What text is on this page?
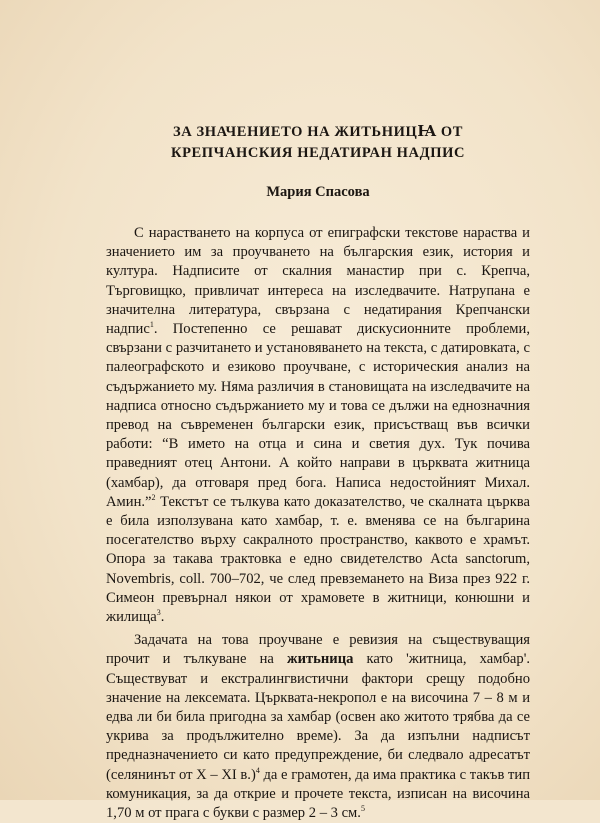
ЗА ЗНАЧЕНИЕТО НА ЖИТЬНИЦꙖ ОТ
КРЕПЧАНСКИЯ НЕДАТИРАН НАДПИС
Мария Спасова

С нарастването на корпуса от епиграфски текстове нараства и значението им за проучването на българския език, история и култура. Надписите от скалния манастир при с. Крепча, Търговищко, привличат интереса на изследвачите. Натрупана е значителна литература, свързана с недатирания Крепчански надпис$^1$. Постепенно се решават дискусионните проблеми, свързани с разчитането и установяването на текста, с датировката, с палеографското и езиково проучване, с историческия анализ на съдържанието му. Няма различия в становищата на изследвачите на надписа относно съдържанието му и това се дължи на еднозначния превод на съвременен български език, присъстващ във всички работи: “В името на отца и сина и светия дух. Тук почива праведният отец Антони. А който направи в църквата житница (хамбар), да отговаря пред бога. Написа недостойният Михал. Амин.”$^2$ Текстът се тълкува като доказателство, че скалната църква е била използувана като хамбар, т. е. вменява се на българина посегателство върху сакралното пространство, каквото е храмът. Опора за такава трактовка е едно свидетелство Acta sanctorum, Novembris, coll. 700–702, че след превземането на Виза през 922 г. Симеон превърнал някои от храмовете в житници, конюшни и жилища$^3$.

Задачата на това проучване е ревизия на съществуващия прочит и тълкуване на житьница като 'житница, хамбар'. Съществуват и екстралингвистични фактори срещу подобно значение на лексемата. Църквата-некропол е на височина 7 – 8 м и едва ли би била пригодна за хамбар (освен ако житото трябва да се укрива за продължително време). За да изпълни надписът предназначението си като предупреждение, би следвало адресатът (селянинът от X – XI в.)$^4$ да е грамотен, да има практика с такъв тип комуникация, за да открие и прочете текста, изписан на височина 1,70 м от прага с букви с размер 2 – 3 см.$^5$
